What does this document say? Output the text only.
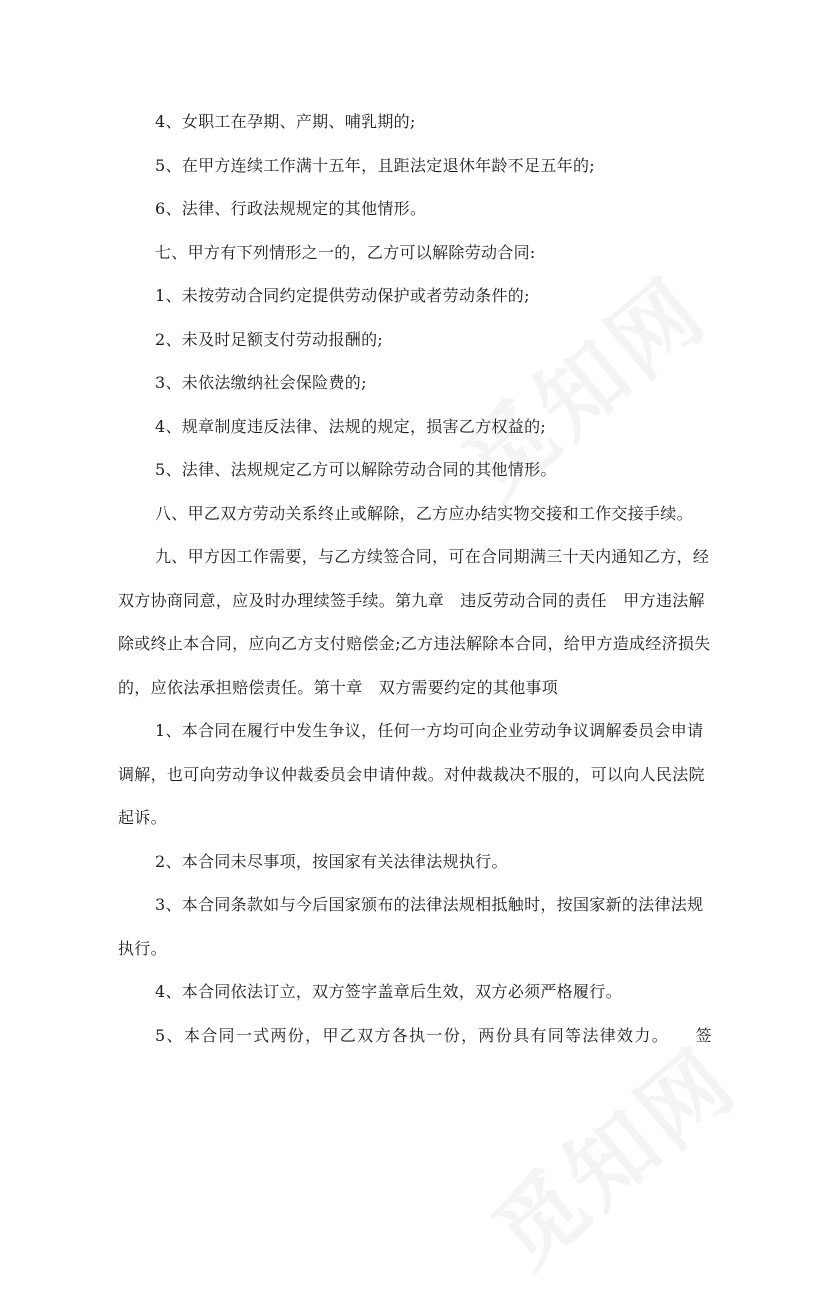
4、女职工在孕期、产期、哺乳期的;

5、在甲方连续工作满十五年，且距法定退休年龄不足五年的;

6、法律、行政法规规定的其他情形。

七、甲方有下列情形之一的，乙方可以解除劳动合同:

1、未按劳动合同约定提供劳动保护或者劳动条件的;

2、未及时足额支付劳动报酬的;

3、未依法缴纳社会保险费的;

4、规章制度违反法律、法规的规定，损害乙方权益的;

5、法律、法规规定乙方可以解除劳动合同的其他情形。

八、甲乙双方劳动关系终止或解除，乙方应办结实物交接和工作交接手续。

九、甲方因工作需要，与乙方续签合同，可在合同期满三十天内通知乙方，经双方协商同意，应及时办理续签手续。第九章　违反劳动合同的责任　甲方违法解除或终止本合同，应向乙方支付赔偿金;乙方违法解除本合同，给甲方造成经济损失的，应依法承担赔偿责任。第十章　双方需要约定的其他事项

1、本合同在履行中发生争议，任何一方均可向企业劳动争议调解委员会申请调解，也可向劳动争议仲裁委员会申请仲裁。对仲裁裁决不服的，可以向人民法院起诉。

2、本合同未尽事项，按国家有关法律法规执行。

3、本合同条款如与今后国家颁布的法律法规相抵触时，按国家新的法律法规执行。

4、本合同依法订立，双方签字盖章后生效，双方必须严格履行。

5、本合同一式两份，甲乙双方各执一份，两份具有同等法律效力。　　签
